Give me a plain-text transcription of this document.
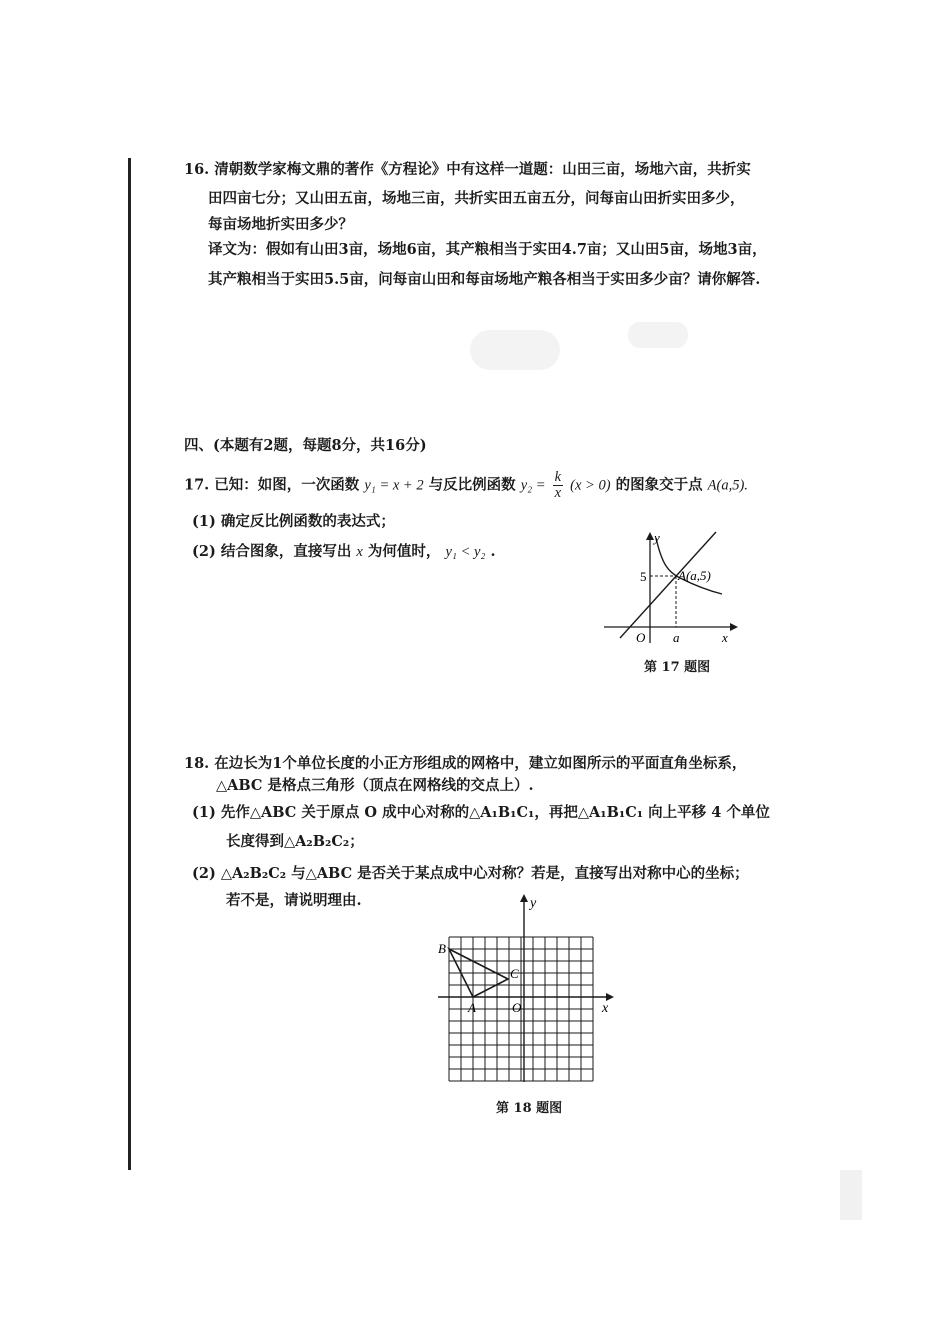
16. 清朝数学家梅文鼎的著作《方程论》中有这样一道题：山田三亩，场地六亩，共折实
田四亩七分；又山田五亩，场地三亩，共折实田五亩五分，问每亩山田折实田多少，
每亩场地折实田多少？
译文为：假如有山田3亩，场地6亩，其产粮相当于实田4.7亩；又山田5亩，场地3亩，
其产粮相当于实田5.5亩，问每亩山田和每亩场地产粮各相当于实田多少亩？请你解答.
四、(本题有2题，每题8分，共16分)
17. 已知：如图，一次函数 y₁ = x + 2 与反比例函数 $y_2 = \frac{k}{x} (x > 0)$ 的图象交于点 A(a,5).
(1) 确定反比例函数的表达式；
(2) 结合图象，直接写出 x 为何值时， y₁ < y₂ .
y
x
O
5
a
A(a,5)
第 17 题图
18. 在边长为1个单位长度的小正方形组成的网格中，建立如图所示的平面直角坐标系，
△ABC 是格点三角形（顶点在网格线的交点上）.
(1) 先作△ABC 关于原点 O 成中心对称的△A₁B₁C₁，再把△A₁B₁C₁ 向上平移 4 个单位
长度得到△A₂B₂C₂；
(2) △A₂B₂C₂ 与△ABC 是否关于某点成中心对称？若是，直接写出对称中心的坐标；
若不是，请说明理由.	y
x
O
A
B
C
第 18 题图
